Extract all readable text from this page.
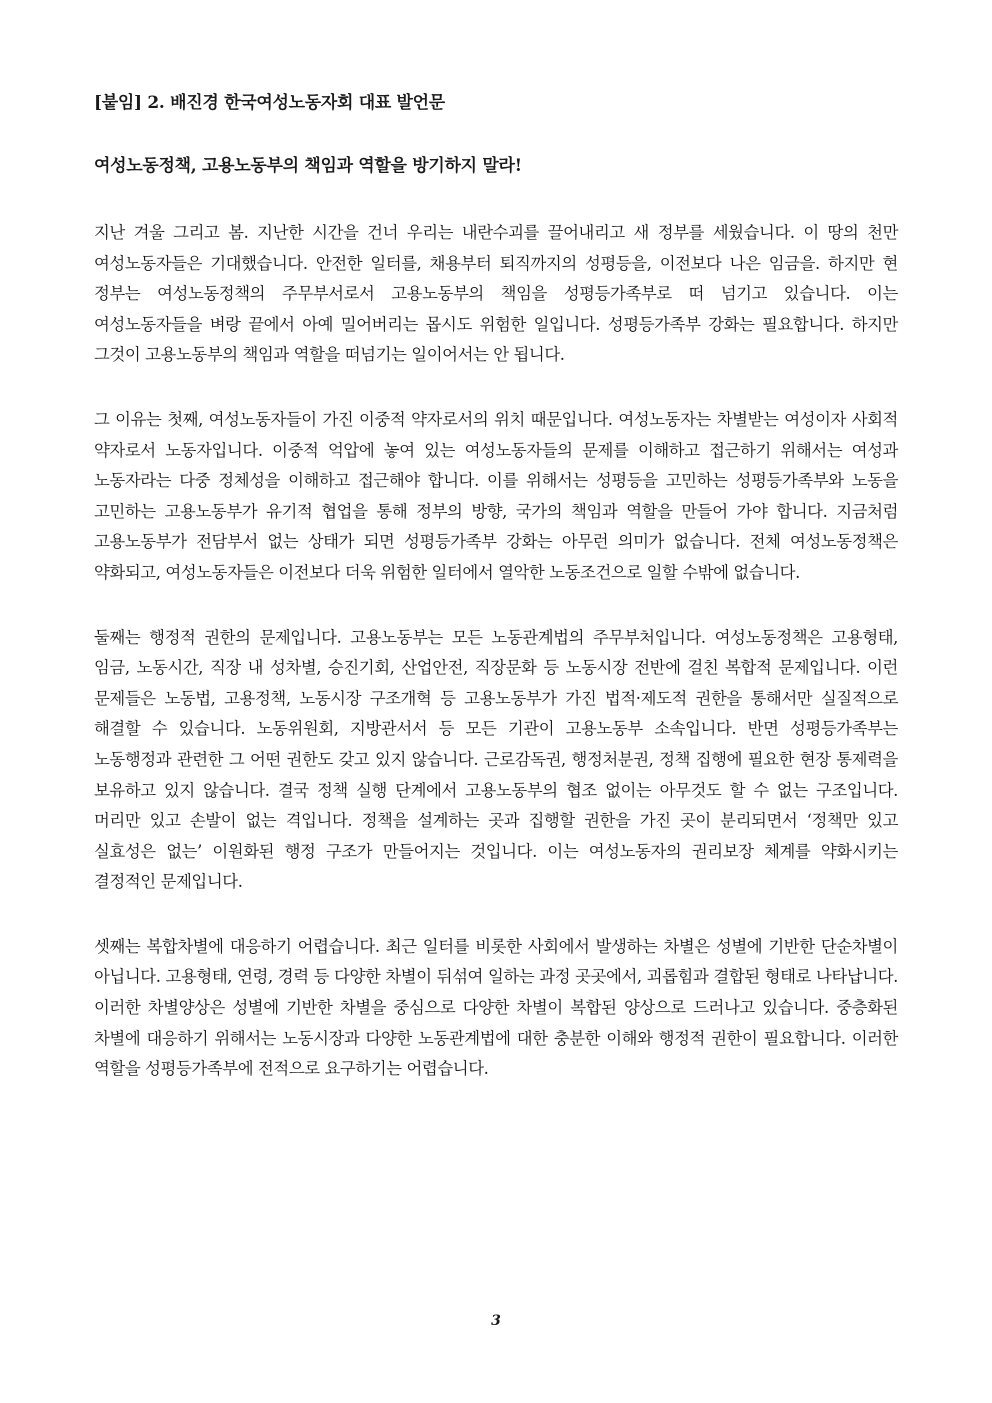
[붙임] 2. 배진경 한국여성노동자회 대표 발언문

여성노동정책, 고용노동부의 책임과 역할을 방기하지 말라!

지난 겨울 그리고 봄. 지난한 시간을 건너 우리는 내란수괴를 끌어내리고 새 정부를 세웠습니다. 이 땅의 천만 여성노동자들은 기대했습니다. 안전한 일터를, 채용부터 퇴직까지의 성평등을, 이전보다 나은 임금을. 하지만 현 정부는 여성노동정책의 주무부서로서 고용노동부의 책임을 성평등가족부로 떠 넘기고 있습니다. 이는 여성노동자들을 벼랑 끝에서 아예 밀어버리는 몹시도 위험한 일입니다. 성평등가족부 강화는 필요합니다. 하지만 그것이 고용노동부의 책임과 역할을 떠넘기는 일이어서는 안 됩니다.

그 이유는 첫째, 여성노동자들이 가진 이중적 약자로서의 위치 때문입니다. 여성노동자는 차별받는 여성이자 사회적 약자로서 노동자입니다. 이중적 억압에 놓여 있는 여성노동자들의 문제를 이해하고 접근하기 위해서는 여성과 노동자라는 다중 정체성을 이해하고 접근해야 합니다. 이를 위해서는 성평등을 고민하는 성평등가족부와 노동을 고민하는 고용노동부가 유기적 협업을 통해 정부의 방향, 국가의 책임과 역할을 만들어 가야 합니다. 지금처럼 고용노동부가 전담부서 없는 상태가 되면 성평등가족부 강화는 아무런 의미가 없습니다. 전체 여성노동정책은 약화되고, 여성노동자들은 이전보다 더욱 위험한 일터에서 열악한 노동조건으로 일할 수밖에 없습니다.

둘째는 행정적 권한의 문제입니다. 고용노동부는 모든 노동관계법의 주무부처입니다. 여성노동정책은 고용형태, 임금, 노동시간, 직장 내 성차별, 승진기회, 산업안전, 직장문화 등 노동시장 전반에 걸친 복합적 문제입니다. 이런 문제들은 노동법, 고용정책, 노동시장 구조개혁 등 고용노동부가 가진 법적·제도적 권한을 통해서만 실질적으로 해결할 수 있습니다. 노동위원회, 지방관서서 등 모든 기관이 고용노동부 소속입니다. 반면 성평등가족부는 노동행정과 관련한 그 어떤 권한도 갖고 있지 않습니다. 근로감독권, 행정처분권, 정책 집행에 필요한 현장 통제력을 보유하고 있지 않습니다. 결국 정책 실행 단계에서 고용노동부의 협조 없이는 아무것도 할 수 없는 구조입니다. 머리만 있고 손발이 없는 격입니다. 정책을 설계하는 곳과 집행할 권한을 가진 곳이 분리되면서 ‘정책만 있고 실효성은 없는’ 이원화된 행정 구조가 만들어지는 것입니다. 이는 여성노동자의 권리보장 체계를 약화시키는 결정적인 문제입니다.

셋째는 복합차별에 대응하기 어렵습니다. 최근 일터를 비롯한 사회에서 발생하는 차별은 성별에 기반한 단순차별이 아닙니다. 고용형태, 연령, 경력 등 다양한 차별이 뒤섞여 일하는 과정 곳곳에서, 괴롭힘과 결합된 형태로 나타납니다. 이러한 차별양상은 성별에 기반한 차별을 중심으로 다양한 차별이 복합된 양상으로 드러나고 있습니다. 중층화된 차별에 대응하기 위해서는 노동시장과 다양한 노동관계법에 대한 충분한 이해와 행정적 권한이 필요합니다. 이러한 역할을 성평등가족부에 전적으로 요구하기는 어렵습니다.

3
